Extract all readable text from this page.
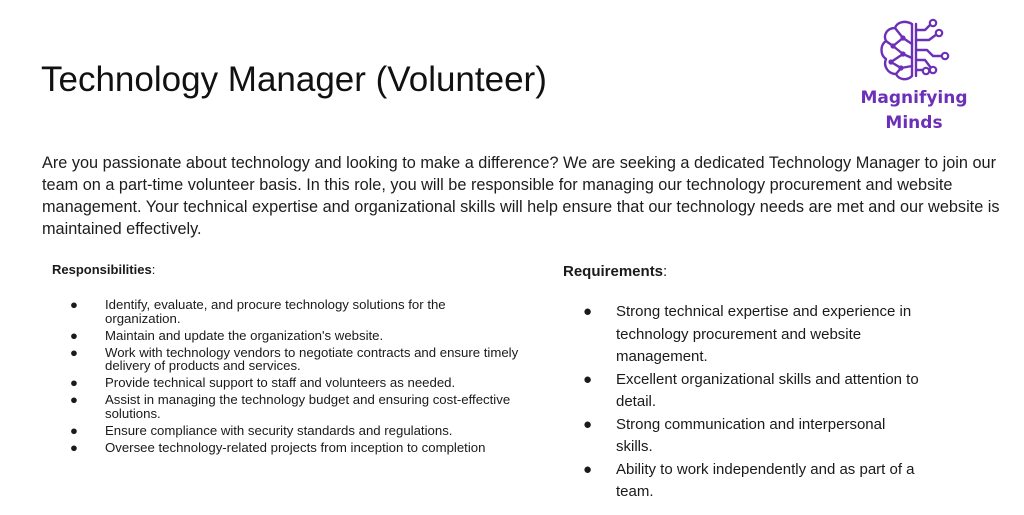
Technology Manager (Volunteer)	Magnifying
Minds
Are you passionate about technology and looking to make a difference? We are seeking a dedicated Technology Manager to join our team on a part-time volunteer basis. In this role, you will be responsible for managing our technology procurement and website management. Your technical expertise and organizational skills will help ensure that our technology needs are met and our website is maintained effectively.
Responsibilities:
● Identify, evaluate, and procure technology solutions for the organization.
● Maintain and update the organization's website.
● Work with technology vendors to negotiate contracts and ensure timely delivery of products and services.
● Provide technical support to staff and volunteers as needed.
● Assist in managing the technology budget and ensuring cost-effective solutions.
● Ensure compliance with security standards and regulations.
● Oversee technology-related projects from inception to completion
Requirements:
● Strong technical expertise and experience in technology procurement and website management.
● Excellent organizational skills and attention to detail.
● Strong communication and interpersonal skills.
● Ability to work independently and as part of a team.
